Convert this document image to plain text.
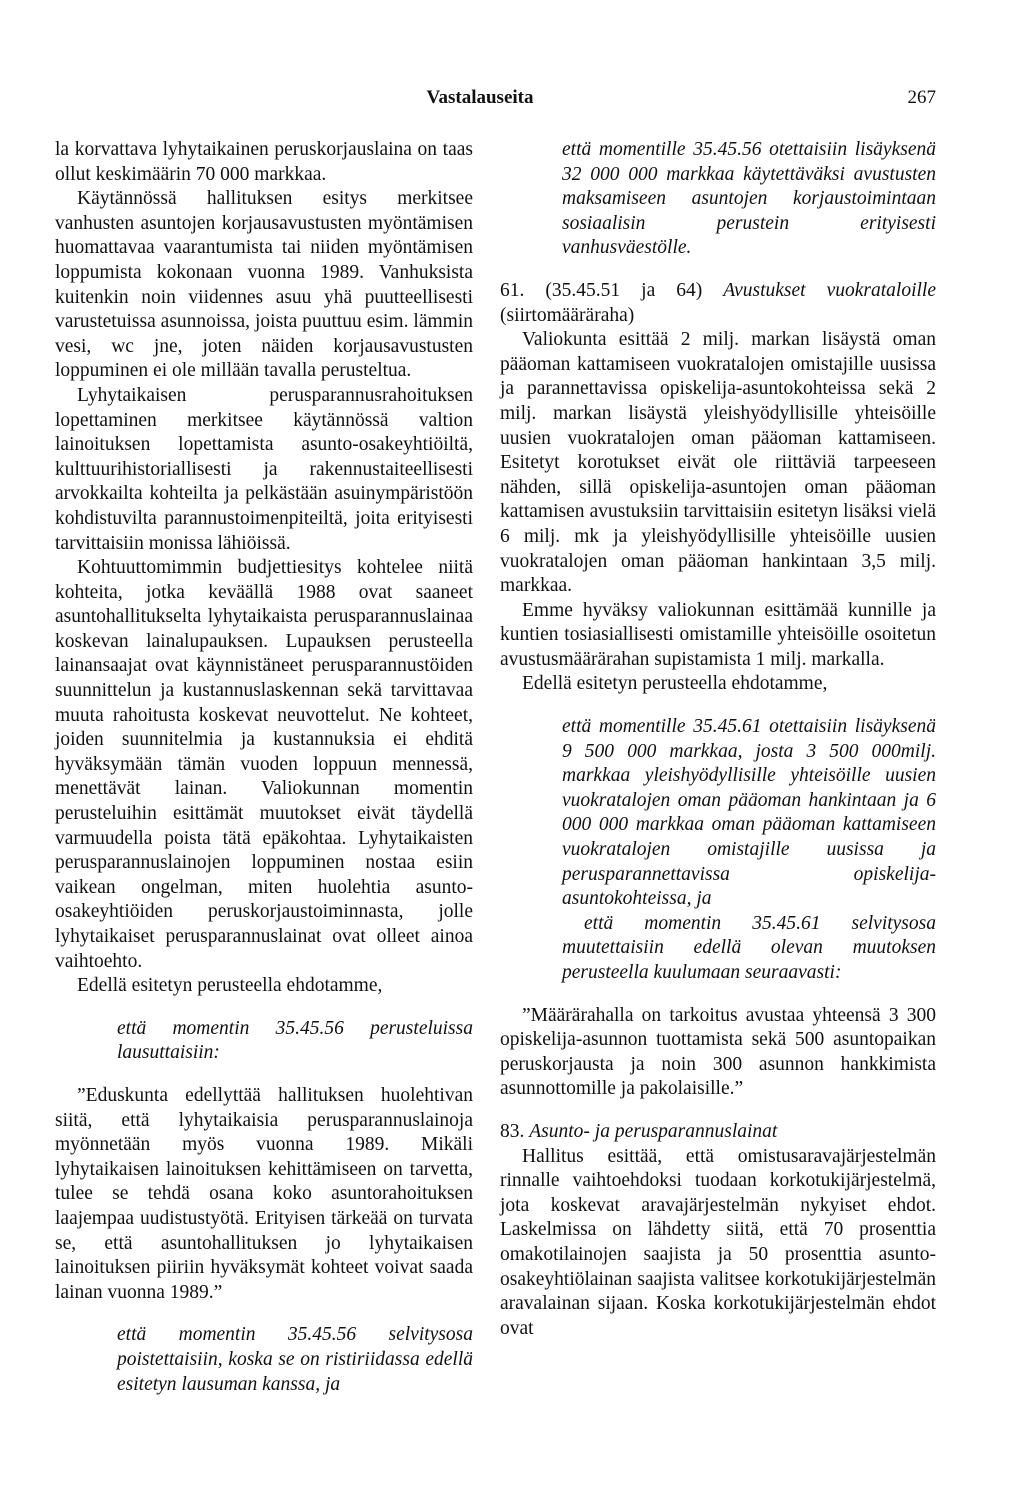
Vastalauseita	267

la korvattava lyhytaikainen peruskorjauslaina on taas ollut keskimäärin 70 000 markkaa.

Käytännössä hallituksen esitys merkitsee vanhusten asuntojen korjausavustusten myöntämisen huomattavaa vaarantumista tai niiden myöntämisen loppumista kokonaan vuonna 1989. Vanhuksista kuitenkin noin viidennes asuu yhä puutteellisesti varustetuissa asunnoissa, joista puuttuu esim. lämmin vesi, wc jne, joten näiden korjausavustusten loppuminen ei ole millään tavalla perusteltua.

Lyhytaikaisen perusparannusrahoituksen lopettaminen merkitsee käytännössä valtion lainoituksen lopettamista asunto-osakeyhtiöiltä, kulttuurihistoriallisesti ja rakennustaiteellisesti arvokkailta kohteilta ja pelkästään asuinympäristöön kohdistuvilta parannustoimenpiteiltä, joita erityisesti tarvittaisiin monissa lähiöissä.

Kohtuuttomimmin budjettiesitys kohtelee niitä kohteita, jotka keväällä 1988 ovat saaneet asuntohallitukselta lyhytaikaista perusparannuslainaa koskevan lainalupauksen. Lupauksen perusteella lainansaajat ovat käynnistäneet perusparannustöiden suunnittelun ja kustannuslaskennan sekä tarvittavaa muuta rahoitusta koskevat neuvottelut. Ne kohteet, joiden suunnitelmia ja kustannuksia ei ehditä hyväksymään tämän vuoden loppuun mennessä, menettävät lainan. Valiokunnan momentin perusteluihin esittämät muutokset eivät täydellä varmuudella poista tätä epäkohtaa. Lyhytaikaisten perusparannuslainojen loppuminen nostaa esiin vaikean ongelman, miten huolehtia asunto-osakeyhtiöiden peruskorjaustoiminnasta, jolle lyhytaikaiset perusparannuslainat ovat olleet ainoa vaihtoehto.

Edellä esitetyn perusteella ehdotamme,

että momentin 35.45.56 perusteluissa lausuttaisiin:

”Eduskunta edellyttää hallituksen huolehtivan siitä, että lyhytaikaisia perusparannuslainoja myönnetään myös vuonna 1989. Mikäli lyhytaikaisen lainoituksen kehittämiseen on tarvetta, tulee se tehdä osana koko asuntorahoituksen laajempaa uudistustyötä. Erityisen tärkeää on turvata se, että asuntohallituksen jo lyhytaikaisen lainoituksen piiriin hyväksymät kohteet voivat saada lainan vuonna 1989.”

että momentin 35.45.56 selvitysosa poistettaisiin, koska se on ristiriidassa edellä esitetyn lausuman kanssa, ja

että momentille 35.45.56 otettaisiin lisäyksenä 32 000 000 markkaa käytettäväksi avustusten maksamiseen asuntojen korjaustoimintaan sosiaalisin perustein erityisesti vanhusväestölle.

61. (35.45.51 ja 64) Avustukset vuokrataloille (siirtomääräraha)

Valiokunta esittää 2 milj. markan lisäystä oman pääoman kattamiseen vuokratalojen omistajille uusissa ja parannettavissa opiskelija-asuntokohteissa sekä 2 milj. markan lisäystä yleishyödyllisille yhteisöille uusien vuokratalojen oman pääoman kattamiseen. Esitetyt korotukset eivät ole riittäviä tarpeeseen nähden, sillä opiskelija-asuntojen oman pääoman kattamisen avustuksiin tarvittaisiin esitetyn lisäksi vielä 6 milj. mk ja yleishyödyllisille yhteisöille uusien vuokratalojen oman pääoman hankintaan 3,5 milj. markkaa.

Emme hyväksy valiokunnan esittämää kunnille ja kuntien tosiasiallisesti omistamille yhteisöille osoitetun avustusmäärärahan supistamista 1 milj. markalla.

Edellä esitetyn perusteella ehdotamme,

että momentille 35.45.61 otettaisiin lisäyksenä 9 500 000 markkaa, josta 3 500 000milj. markkaa yleishyödyllisille yhteisöille uusien vuokratalojen oman pääoman hankintaan ja 6 000 000 markkaa oman pääoman kattamiseen vuokratalojen omistajille uusissa ja perusparannettavissa opiskelija-asuntokohteissa, ja

että momentin 35.45.61 selvitysosa muutettaisiin edellä olevan muutoksen perusteella kuulumaan seuraavasti:

”Määrärahalla on tarkoitus avustaa yhteensä 3 300 opiskelija-asunnon tuottamista sekä 500 asuntopaikan peruskorjausta ja noin 300 asunnon hankkimista asunnottomille ja pakolaisille.”

83. Asunto- ja perusparannuslainat

Hallitus esittää, että omistusaravajärjestelmän rinnalle vaihtoehdoksi tuodaan korkotukijärjestelmä, jota koskevat aravajärjestelmän nykyiset ehdot. Laskelmissa on lähdetty siitä, että 70 prosenttia omakotilainojen saajista ja 50 prosenttia asunto-osakeyhtiölainan saajista valitsee korkotukijärjestelmän aravalainan sijaan. Koska korkotukijärjestelmän ehdot ovat
